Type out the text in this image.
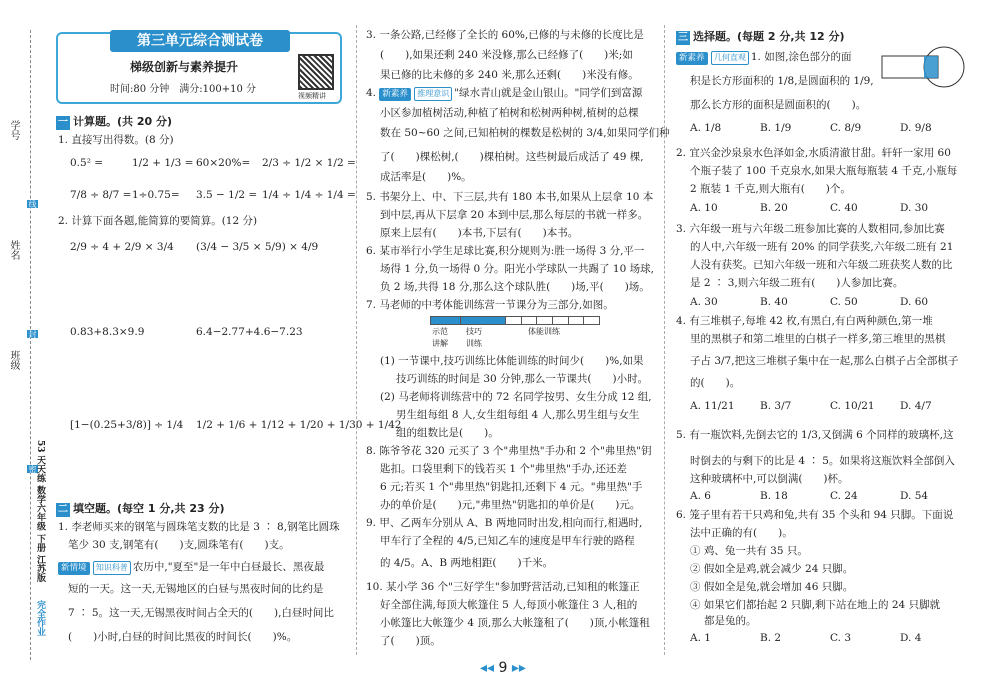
学号
姓名
班级
线
封
密
53 天天练 数学六年级 下册 江苏版
完全作业
第三单元综合测试卷
梯级创新与素养提升
时间:80 分钟　满分:100+10 分
视频精讲
一 计算题。(共 20 分)
1. 直接写出得数。(8 分)
0.5² =	1/2 + 1/3 = 60×20%= 2/3 ÷ 1/2 × 1/2 =
7/8 ÷ 8/7 = 1÷0.75= 3.5 − 1/2 = 1/4 ÷ 1/4 ÷ 1/4 =
2. 计算下面各题,能简算的要简算。(12 分)
2/9 ÷ 4 + 2/9 × 3/4 (3/4 − 3/5 × 5/9) × 4/9
0.83+8.3×9.9	6.4−2.77+4.6−7.23
[1−(0.25+3/8)] ÷ 1/4 1/2 + 1/6 + 1/12 + 1/20 + 1/30 + 1/42
二 填空题。(每空 1 分,共 23 分)
1. 李老师买来的钢笔与圆珠笔支数的比是 3 ∶ 8,钢笔比圆珠
笔少 30 支,钢笔有(　　)支,圆珠笔有(　　)支。
新情境 知识科普 农历中,"夏至"是一年中白昼最长、黑夜最
短的一天。这一天,无锡地区的白昼与黑夜时间的比约是
7 ∶ 5。这一天,无锡黑夜时间占全天的(　　),白昼时间比
(　　)小时,白昼的时间比黑夜的时间长(　　)%。
3. 一条公路,已经修了全长的 60%,已修的与未修的长度比是
(　　),如果还剩 240 米没修,那么已经修了(　　)米;如
果已修的比未修的多 240 米,那么还剩(　　)米没有修。
4. 新素养 推理意识 "绿水青山就是金山银山。"同学们到富源
小区参加植树活动,种植了柏树和松树两种树,植树的总棵
数在 50~60 之间,已知柏树的棵数是松树的 3/4,如果同学们种
了(　　)棵松树,(　　)棵柏树。这些树最后成活了 49 棵,
成活率是(　　)%。
5. 书架分上、中、下三层,共有 180 本书,如果从上层拿 10 本
到中层,再从下层拿 20 本到中层,那么每层的书就一样多。
原来上层有(　　)本书,下层有(　　)本书。
6. 某市举行小学生足球比赛,积分规则为:胜一场得 3 分,平一
场得 1 分,负一场得 0 分。阳光小学球队一共踢了 10 场球,
负 2 场,共得 18 分,那么这个球队胜(　　)场,平(　　)场。
7. 马老师的中考体能训练营一节课分为三部分,如图。
示范 技巧	体能训练
讲解 训练
(1) 一节课中,技巧训练比体能训练的时间少(　　)%,如果
技巧训练的时间是 30 分钟,那么一节课共(　　)小时。
(2) 马老师将训练营中的 72 名同学按男、女生分成 12 组,
男生组每组 8 人,女生组每组 4 人,那么男生组与女生
组的组数比是(　　)。
8. 陈爷爷花 320 元买了 3 个"弗里热"手办和 2 个"弗里热"钥
匙扣。口袋里剩下的钱若买 1 个"弗里热"手办,还还差
6 元;若买 1 个"弗里热"钥匙扣,还剩下 4 元。"弗里热"手
办的单价是(　　)元,"弗里热"钥匙扣的单价是(　　)元。
9. 甲、乙两车分别从 A、B 两地同时出发,相向而行,相遇时,
甲车行了全程的 4/5,已知乙车的速度是甲车行驶的路程
的 4/5。A、B 两地相距(　　)千米。
10. 某小学 36 个"三好学生"参加野营活动,已知租的帐篷正
好全部住满,每顶大帐篷住 5 人,每顶小帐篷住 3 人,租的
小帐篷比大帐篷少 4 顶,那么大帐篷租了(　　)顶,小帐篷租
了(　　)顶。
三 选择题。(每题 2 分,共 12 分)
新素养 几何直观 1. 如图,涂色部分的面
积是长方形面积的 1/8,是圆面积的 1/9,
那么长方形的面积是圆面积的(　　)。
A. 1/8	B. 1/9	C. 8/9	D. 9/8
2. 宜兴金沙泉泉水色泽如金,水质清澈甘甜。轩轩一家用 60
个瓶子装了 100 千克泉水,如果大瓶每瓶装 4 千克,小瓶每
2 瓶装 1 千克,则大瓶有(　　)个。
A. 10	B. 20	C. 40	D. 30
3. 六年级一班与六年级二班参加比赛的人数相同,参加比赛
的人中,六年级一班有 20% 的同学获奖,六年级二班有 21
人没有获奖。已知六年级一班和六年级二班获奖人数的比
是 2 ∶ 3,则六年级二班有(　　)人参加比赛。
A. 30	B. 40	C. 50	D. 60
4. 有三堆棋子,每堆 42 枚,有黑白,有白两种颜色,第一堆
里的黑棋子和第二堆里的白棋子一样多,第三堆里的黑棋
子占 3/7,把这三堆棋子集中在一起,那么白棋子占全部棋子
的(　　)。
A. 11/21 B. 3/7	C. 10/21 D. 4/7
5. 有一瓶饮料,先倒去它的 1/3,又倒满 6 个同样的玻璃杯,这
时倒去的与剩下的比是 4 ∶ 5。如果将这瓶饮料全部倒入
这种玻璃杯中,可以倒满(　　)杯。
A. 6	B. 18	C. 24	D. 54
6. 笼子里有若干只鸡和兔,共有 35 个头和 94 只脚。下面说
法中正确的有(　　)。
① 鸡、兔一共有 35 只。
② 假如全是鸡,就会减少 24 只脚。
③ 假如全是兔,就会增加 46 只脚。
④ 如果它们都抬起 2 只脚,剩下站在地上的 24 只脚就
都是兔的。
A. 1	B. 2	C. 3	D. 4
◂◂ 9 ▸▸
